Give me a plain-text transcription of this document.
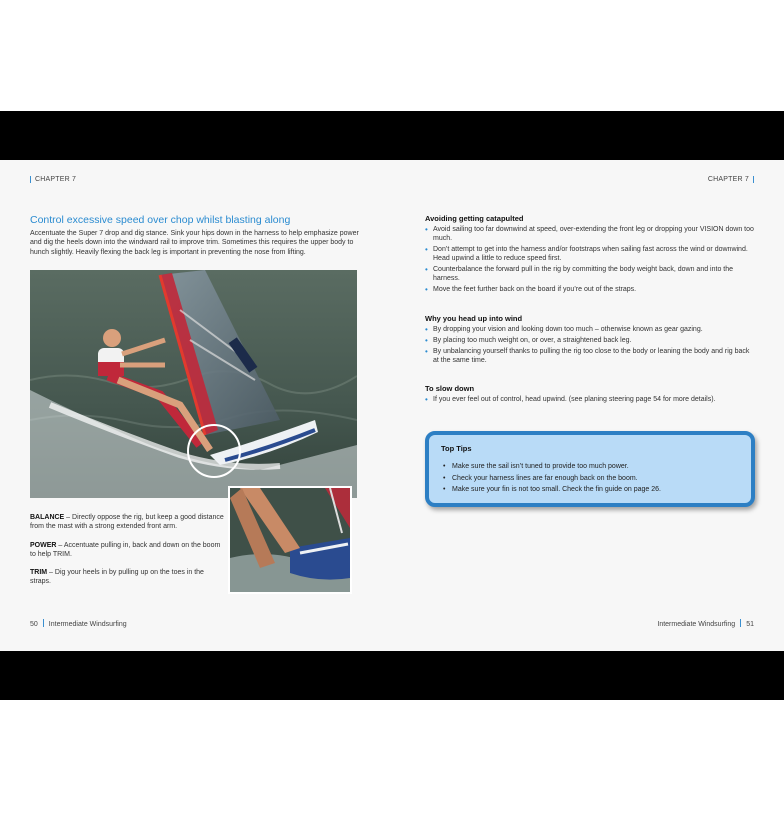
CHAPTER 7
Control excessive speed over chop whilst blasting along
Accentuate the Super 7 drop and dig stance. Sink your hips down in the harness to help emphasize power and dig the heels down into the windward rail to improve trim. Sometimes this requires the upper body to hunch slightly. Heavily flexing the back leg is important in preventing the nose from lifting.
BALANCE – Directly oppose the rig, but keep a good distance from the mast with a strong extended front arm.
POWER – Accentuate pulling in, back and down on the boom to help TRIM.
TRIM – Dig your heels in by pulling up on the toes in the straps.
50 Intermediate Windsurfing
CHAPTER 7
Avoiding getting catapulted
• Avoid sailing too far downwind at speed, over-extending the front leg or dropping your VISION down too much.
• Don’t attempt to get into the harness and/or footstraps when sailing fast across the wind or downwind. Head upwind a little to reduce speed first.
• Counterbalance the forward pull in the rig by committing the body weight back, down and into the harness.
• Move the feet further back on the board if you’re out of the straps.
Why you head up into wind
• By dropping your vision and looking down too much – otherwise known as gear gazing.
• By placing too much weight on, or over, a straightened back leg.
• By unbalancing yourself thanks to pulling the rig too close to the body or leaning the body and rig back at the same time.
To slow down
• If you ever feel out of control, head upwind. (see planing steering page 54 for more details).
Top Tips
• Make sure the sail isn’t tuned to provide too much power.
• Check your harness lines are far enough back on the boom.
• Make sure your fin is not too small. Check the fin guide on page 26.
Intermediate Windsurfing 51
